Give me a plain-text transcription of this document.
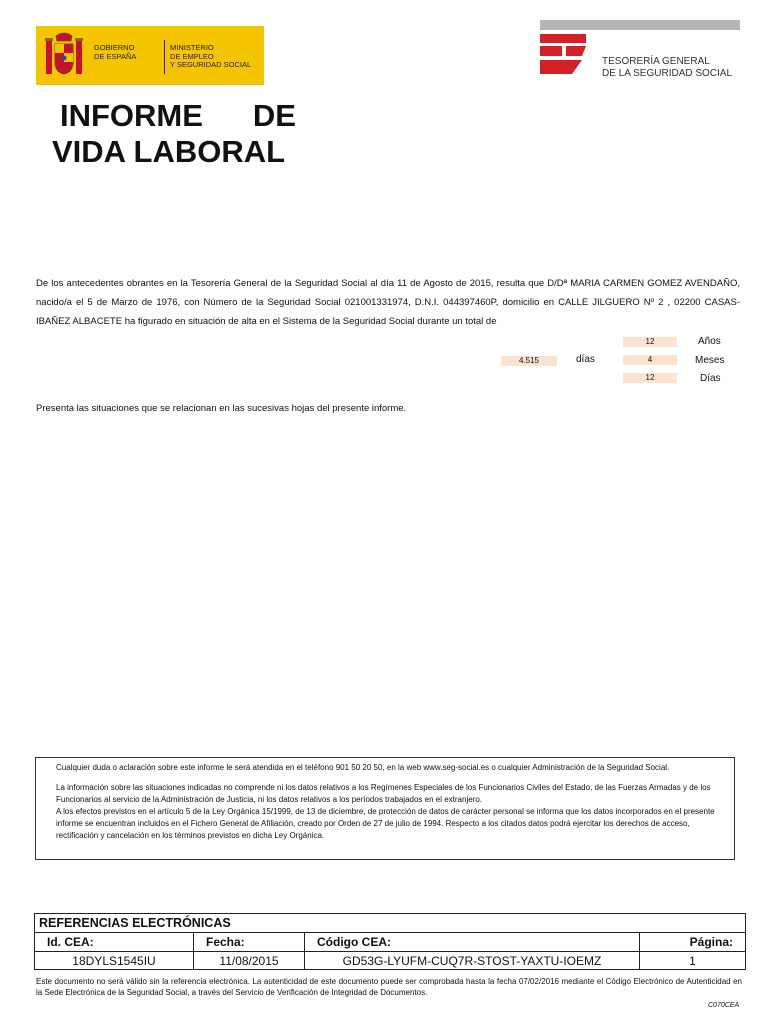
GOBIERNO
DE ESPAÑA
MINISTERIO
DE EMPLEO
Y SEGURIDAD SOCIAL	TESORERÍA GENERAL
DE LA SEGURIDAD SOCIAL
INFORME DE
VIDA LABORAL
De los antecedentes obrantes en la Tesorería General de la Seguridad Social al día 11 de Agosto de 2015, resulta que D/Dª MARIA CARMEN GOMEZ AVENDAÑO, nacido/a el 5 de Marzo de 1976, con Número de la Seguridad Social 021001331974, D.N.I. 044397460P, domicilio en CALLE JILGUERO Nº 2 , 02200 CASAS-IBAÑEZ ALBACETE ha figurado en situación de alta en el Sistema de la Seguridad Social durante un total de
4.515	días
12	Años
4	Meses
12	Días
Presenta las situaciones que se relacionan en las sucesivas hojas del presente informe.

Cualquier duda o aclaración sobre este informe le será atendida en el teléfono 901 50 20 50, en la web www.seg-social.es o cualquier Administración de la Seguridad Social.

La información sobre las situaciones indicadas no comprende ni los datos relativos a los Regímenes Especiales de los Funcionarios Civiles del Estado, de las Fuerzas Armadas y de los Funcionarios al servicio de la Administración de Justicia, ni los datos relativos a los períodos trabajados en el extranjero.

A los efectos previstos en el artículo 5 de la Ley Orgánica 15/1999, de 13 de diciembre, de protección de datos de carácter personal se informa que los datos incorporados en el presente informe se encuentran incluidos en el Fichero General de Afiliación, creado por Orden de 27 de julio de 1994. Respecto a los citados datos podrá ejercitar los derechos de acceso, rectificación y cancelación en los términos previstos en dicha Ley Orgánica.

REFERENCIAS ELECTRÓNICAS			
Id. CEA:	Fecha:	Código CEA:	Página:
18DYLS1545IU	11/08/2015	GD53G-LYUFM-CUQ7R-STOST-YAXTU-IOEMZ	1
Este documento no será válido sin la referencia electrónica. La autenticidad de este documento puede ser comprobada hasta la fecha 07/02/2016 mediante el Código Electrónico de Autenticidad en la Sede Electrónica de la Seguridad Social, a través del Servicio de Verificación de Integridad de Documentos.
C070CEA
